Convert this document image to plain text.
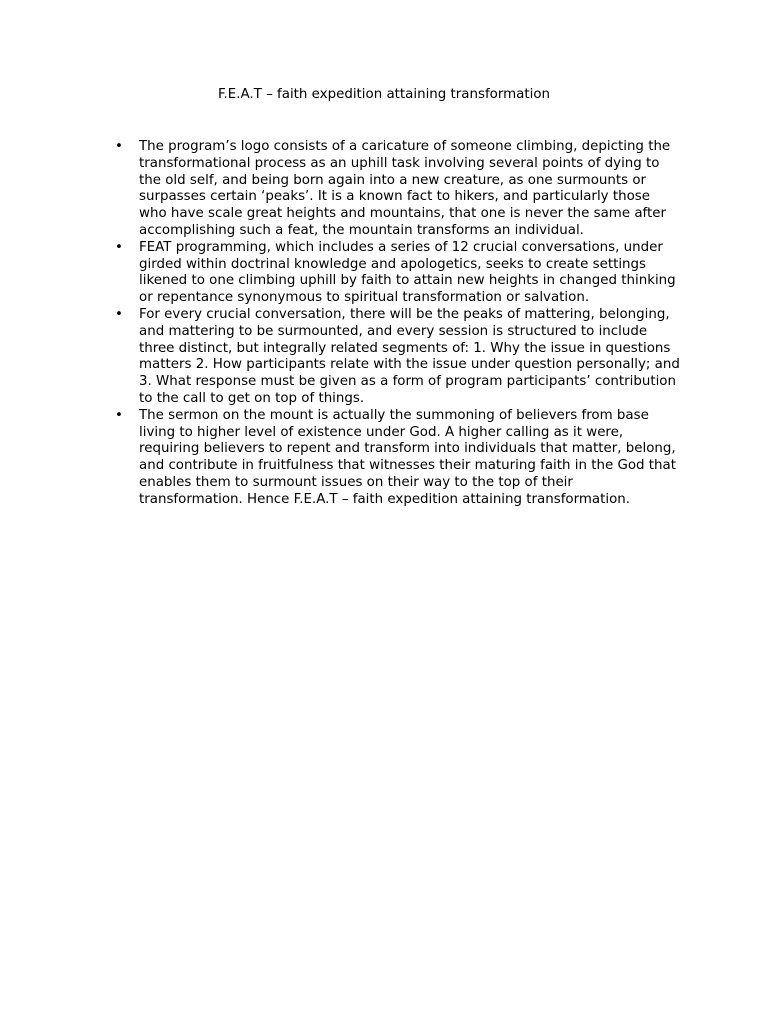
F.E.A.T – faith expedition attaining transformation
• The program’s logo consists of a caricature of someone climbing, depicting the transformational process as an uphill task involving several points of dying to the old self, and being born again into a new creature, as one surmounts or surpasses certain ‘peaks’. It is a known fact to hikers, and particularly those who have scale great heights and mountains, that one is never the same after accomplishing such a feat, the mountain transforms an individual.
• FEAT programming, which includes a series of 12 crucial conversations, under girded within doctrinal knowledge and apologetics, seeks to create settings likened to one climbing uphill by faith to attain new heights in changed thinking or repentance synonymous to spiritual transformation or salvation.
• For every crucial conversation, there will be the peaks of mattering, belonging, and mattering to be surmounted, and every session is structured to include three distinct, but integrally related segments of: 1. Why the issue in questions matters 2. How participants relate with the issue under question personally; and 3. What response must be given as a form of program participants’ contribution to the call to get on top of things.
• The sermon on the mount is actually the summoning of believers from base living to higher level of existence under God. A higher calling as it were, requiring believers to repent and transform into individuals that matter, belong, and contribute in fruitfulness that witnesses their maturing faith in the God that enables them to surmount issues on their way to the top of their transformation. Hence F.E.A.T – faith expedition attaining transformation.
